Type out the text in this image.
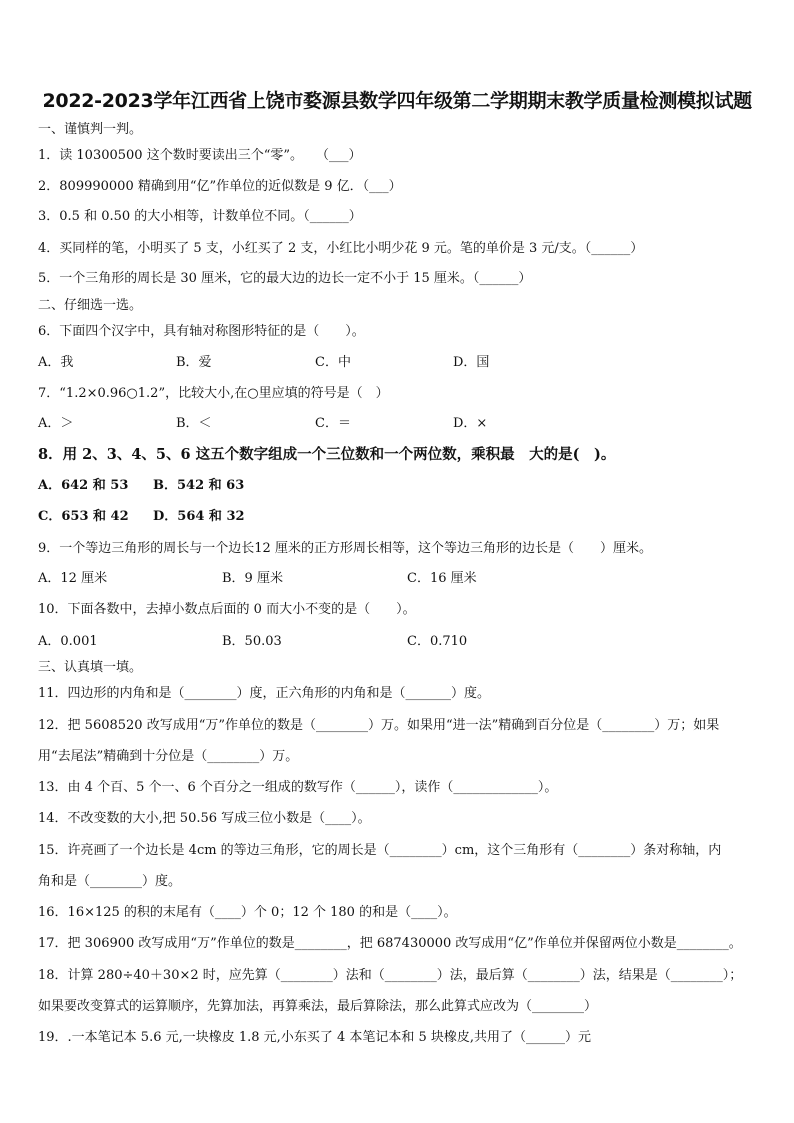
2022-2023学年江西省上饶市婺源县数学四年级第二学期期末教学质量检测模拟试题
一、谨慎判一判。
1．读 10300500 这个数时要读出三个“零”。　　（___）
2．809990000 精确到用“亿”作单位的近似数是 9 亿．（___）
3．0.5 和 0.50 的大小相等，计数单位不同。（______）
4．买同样的笔，小明买了 5 支，小红买了 2 支，小红比小明少花 9 元。笔的单价是 3 元/支。（______）
5．一个三角形的周长是 30 厘米，它的最大边的边长一定不小于 15 厘米。（______）
二、仔细选一选。
6．下面四个汉字中，具有轴对称图形特征的是（　　）。
A．我	B．爱	C．中	D．国
7．“1.2×0.96○1.2”，比较大小,在○里应填的符号是（　）
A．＞	B．＜	C．＝	D．×
8．用 2、3、4、5、6 这五个数字组成一个三位数和一个两位数，乘积最　大的是(　)。
A．642 和 53 B．542 和 63
C．653 和 42 D．564 和 32
9．一个等边三角形的周长与一个边长12 厘米的正方形周长相等，这个等边三角形的边长是（　　）厘米。
A．12 厘米	B．9 厘米	C．16 厘米
10．下面各数中，去掉小数点后面的 0 而大小不变的是（　　）。
A．0.001	B．50.03	C．0.710
三、认真填一填。
11．四边形的内角和是（________）度，正六角形的内角和是（_______）度。
12．把 5608520 改写成用“万”作单位的数是（________）万。如果用“进一法”精确到百分位是（________）万；如果
用“去尾法”精确到十分位是（________）万。
13．由 4 个百、5 个一、6 个百分之一组成的数写作（______），读作（_____________）。
14．不改变数的大小,把 50.56 写成三位小数是（____）。
15．许亮画了一个边长是 4cm 的等边三角形，它的周长是（________）cm，这个三角形有（________）条对称轴，内
角和是（________）度。
16．16×125 的积的末尾有（____）个 0；12 个 180 的和是（____）。
17．把 306900 改写成用“万”作单位的数是________，把 687430000 改写成用“亿”作单位并保留两位小数是________。
18．计算 280÷40＋30×2 时，应先算（________）法和（________）法，最后算（________）法，结果是（________）；
如果要改变算式的运算顺序，先算加法，再算乘法，最后算除法，那么此算式应改为（________）
19．.一本笔记本 5.6 元,一块橡皮 1.8 元,小东买了 4 本笔记本和 5 块橡皮,共用了（______）元
